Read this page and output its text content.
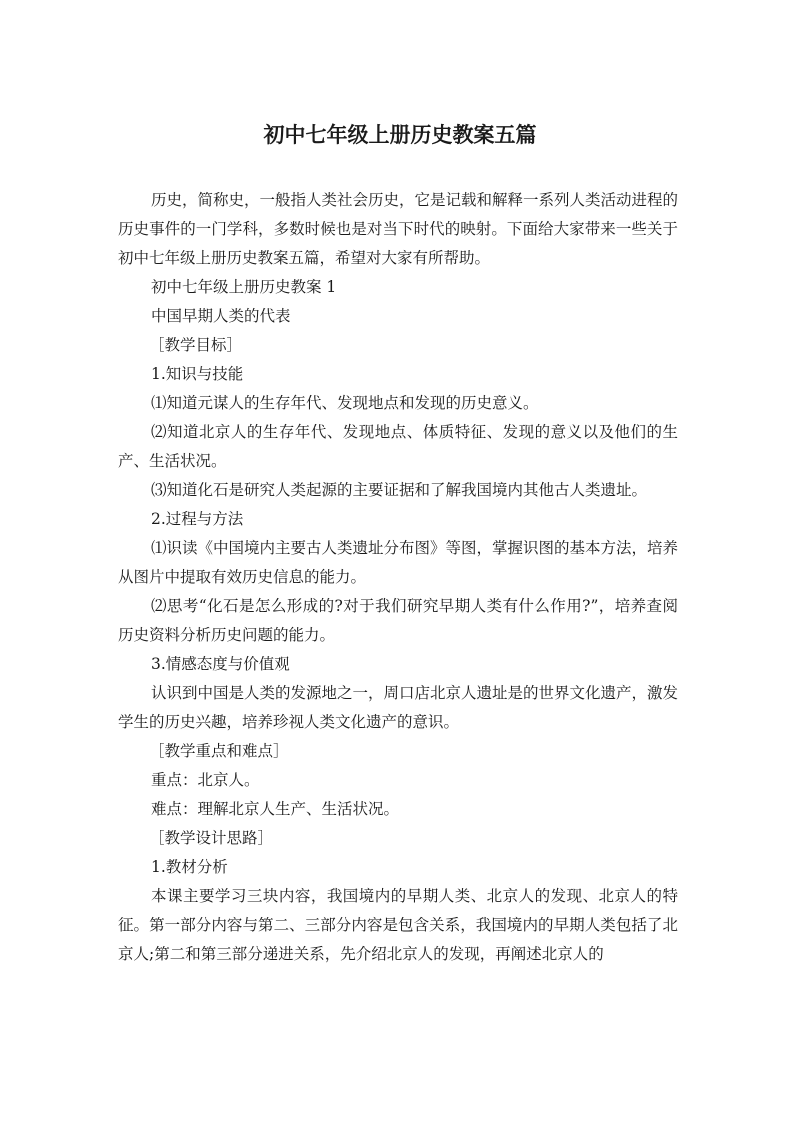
初中七年级上册历史教案五篇

历史，简称史，一般指人类社会历史，它是记载和解释一系列人类活动进程的历史事件的一门学科，多数时候也是对当下时代的映射。下面给大家带来一些关于初中七年级上册历史教案五篇，希望对大家有所帮助。

初中七年级上册历史教案 1

中国早期人类的代表

［教学目标］

1.知识与技能

⑴知道元谋人的生存年代、发现地点和发现的历史意义。

⑵知道北京人的生存年代、发现地点、体质特征、发现的意义以及他们的生产、生活状况。

⑶知道化石是研究人类起源的主要证据和了解我国境内其他古人类遗址。

2.过程与方法

⑴识读《中国境内主要古人类遗址分布图》等图，掌握识图的基本方法，培养从图片中提取有效历史信息的能力。

⑵思考“化石是怎么形成的?对于我们研究早期人类有什么作用?”，培养查阅历史资料分析历史问题的能力。

3.情感态度与价值观

认识到中国是人类的发源地之一，周口店北京人遗址是的世界文化遗产，激发学生的历史兴趣，培养珍视人类文化遗产的意识。

［教学重点和难点］

重点：北京人。

难点：理解北京人生产、生活状况。

［教学设计思路］

1.教材分析

本课主要学习三块内容，我国境内的早期人类、北京人的发现、北京人的特征。第一部分内容与第二、三部分内容是包含关系，我国境内的早期人类包括了北京人;第二和第三部分递进关系，先介绍北京人的发现，再阐述北京人的
